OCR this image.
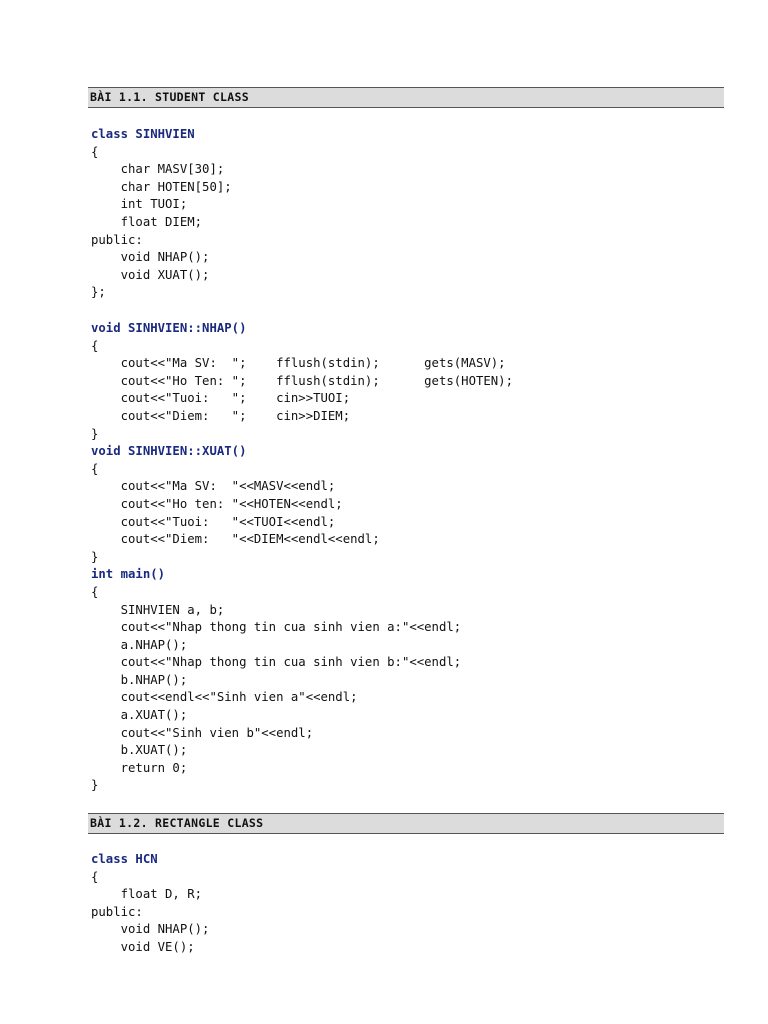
BÀI 1.1. STUDENT CLASS
class SINHVIEN
{
char MASV[30];
char HOTEN[50];
int TUOI;
float DIEM;
public:
void NHAP();
void XUAT();
};
void SINHVIEN::NHAP()
{
cout<<"Ma SV:  ";    fflush(stdin);      gets(MASV);
cout<<"Ho Ten: ";    fflush(stdin);      gets(HOTEN);
cout<<"Tuoi:   ";    cin>>TUOI;
cout<<"Diem:   ";    cin>>DIEM;
}
void SINHVIEN::XUAT()
{
cout<<"Ma SV:  "<<MASV<<endl;
cout<<"Ho ten: "<<HOTEN<<endl;
cout<<"Tuoi:   "<<TUOI<<endl;
cout<<"Diem:   "<<DIEM<<endl<<endl;
}
int main()
{
SINHVIEN a, b;
cout<<"Nhap thong tin cua sinh vien a:"<<endl;
a.NHAP();
cout<<"Nhap thong tin cua sinh vien b:"<<endl;
b.NHAP();
cout<<endl<<"Sinh vien a"<<endl;
a.XUAT();
cout<<"Sinh vien b"<<endl;
b.XUAT();
return 0;
}
BÀI 1.2. RECTANGLE CLASS
class HCN
{
float D, R;
public:
void NHAP();
void VE();
